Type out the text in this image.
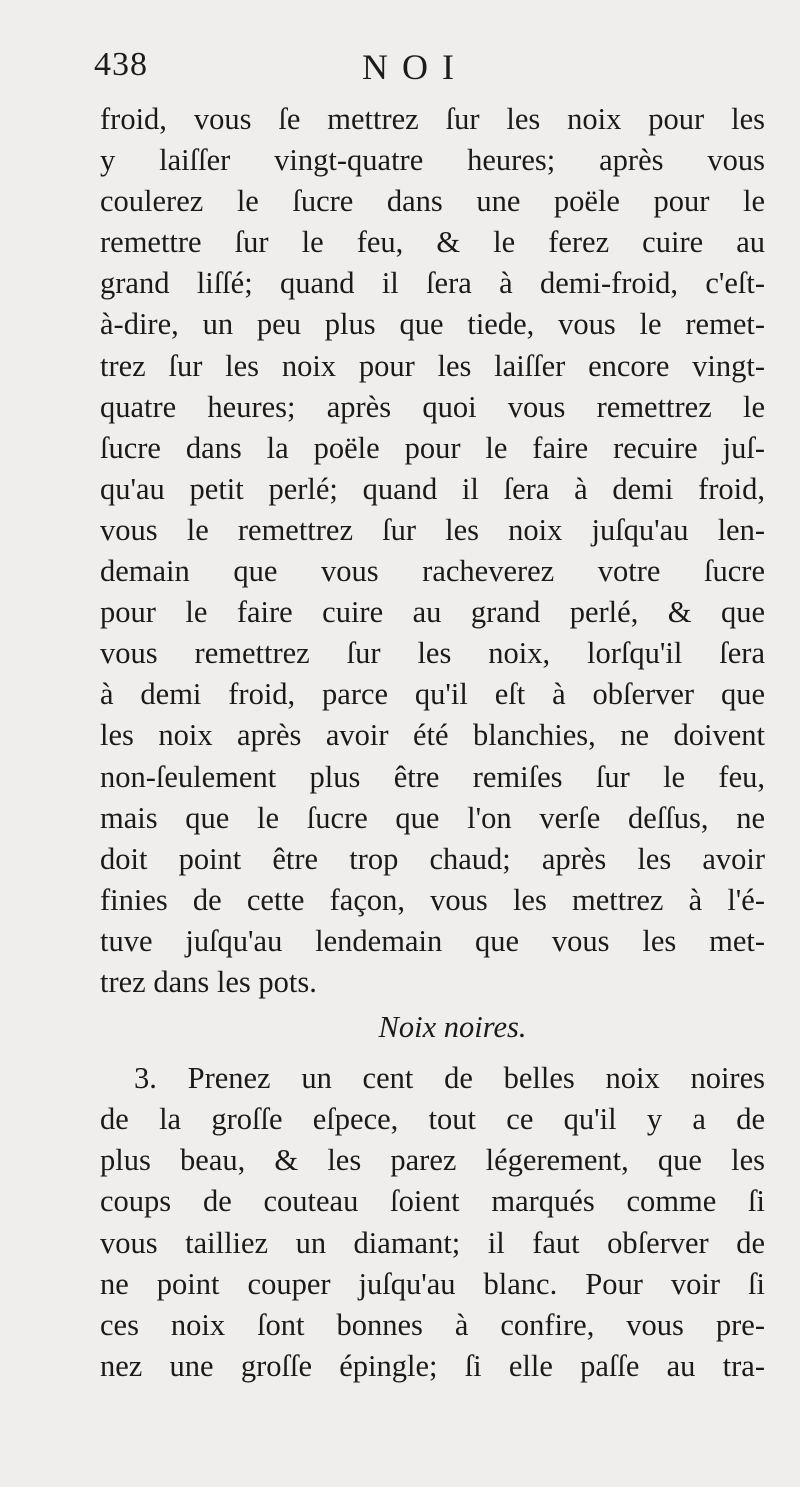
438	NOI
froid, vous ſe mettrez ſur les noix pour les
y laiſſer vingt-quatre heures; après vous
coulerez le ſucre dans une poële pour le
remettre ſur le feu, & le ferez cuire au
grand liſſé; quand il ſera à demi-froid, c'eſt-
à-dire, un peu plus que tiede, vous le remet-
trez ſur les noix pour les laiſſer encore vingt-
quatre heures; après quoi vous remettrez le
ſucre dans la poële pour le faire recuire juſ-
qu'au petit perlé; quand il ſera à demi froid,
vous le remettrez ſur les noix juſqu'au len-
demain que vous racheverez votre ſucre
pour le faire cuire au grand perlé, & que
vous remettrez ſur les noix, lorſqu'il ſera
à demi froid, parce qu'il eſt à obſerver que
les noix après avoir été blanchies, ne doivent
non-ſeulement plus être remiſes ſur le feu,
mais que le ſucre que l'on verſe deſſus, ne
doit point être trop chaud; après les avoir
finies de cette façon, vous les mettrez à l'é-
tuve juſqu'au lendemain que vous les met-
trez dans les pots.
Noix noires.
3. Prenez un cent de belles noix noires
de la groſſe eſpece, tout ce qu'il y a de
plus beau, & les parez légerement, que les
coups de couteau ſoient marqués comme ſi
vous tailliez un diamant; il faut obſerver de
ne point couper juſqu'au blanc. Pour voir ſi
ces noix ſont bonnes à confire, vous pre-
nez une groſſe épingle; ſi elle paſſe au tra-
